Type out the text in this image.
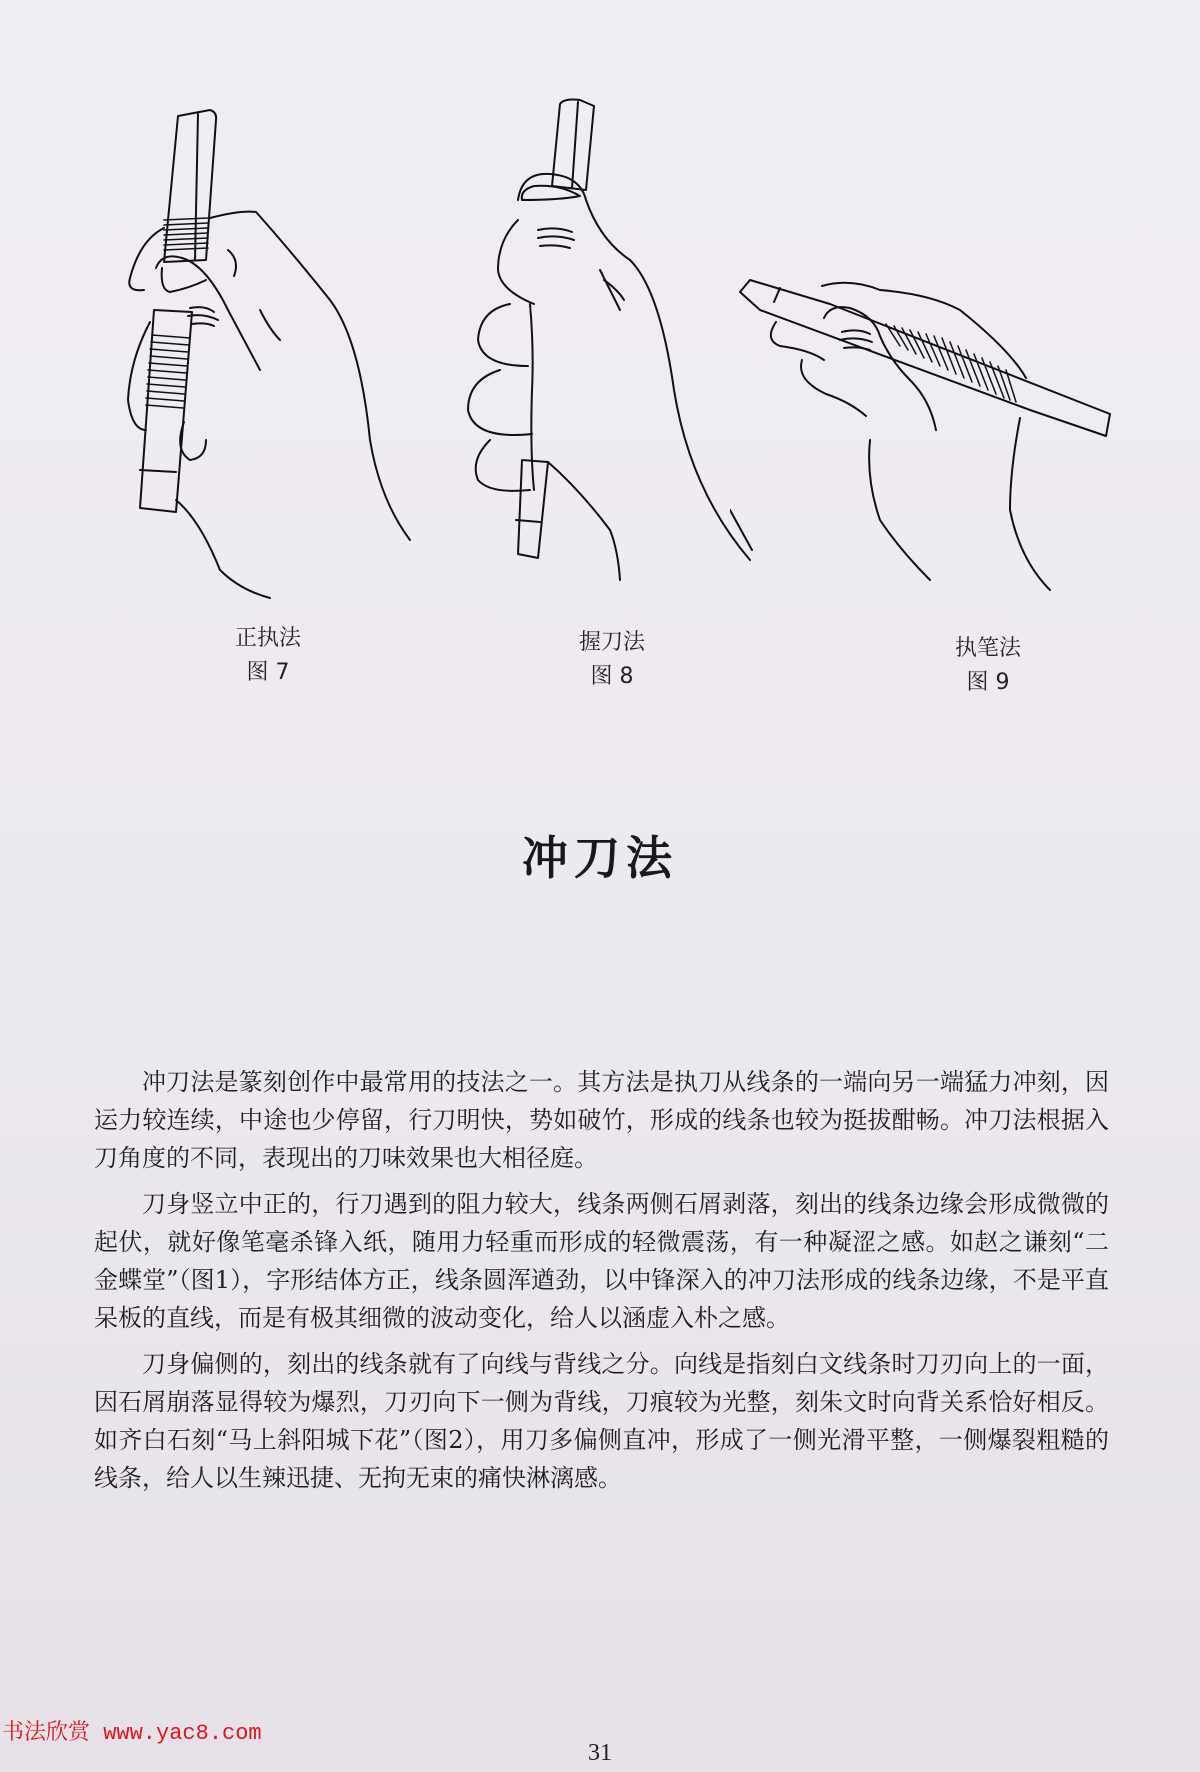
正执法
图 7
握刀法
图 8
执笔法
图 9
冲刀法

冲刀法是篆刻创作中最常用的技法之一。其方法是执刀从线条的一端向另一端猛力冲刻，因运力较连续，中途也少停留，行刀明快，势如破竹，形成的线条也较为挺拔酣畅。冲刀法根据入刀角度的不同，表现出的刀味效果也大相径庭。

刀身竖立中正的，行刀遇到的阻力较大，线条两侧石屑剥落，刻出的线条边缘会形成微微的起伏，就好像笔毫杀锋入纸，随用力轻重而形成的轻微震荡，有一种凝涩之感。如赵之谦刻“二金蝶堂”（图1），字形结体方正，线条圆浑遒劲，以中锋深入的冲刀法形成的线条边缘，不是平直呆板的直线，而是有极其细微的波动变化，给人以涵虚入朴之感。

刀身偏侧的，刻出的线条就有了向线与背线之分。向线是指刻白文线条时刀刃向上的一面，因石屑崩落显得较为爆烈，刀刃向下一侧为背线，刀痕较为光整，刻朱文时向背关系恰好相反。如齐白石刻“马上斜阳城下花”（图2），用刀多偏侧直冲，形成了一侧光滑平整，一侧爆裂粗糙的线条，给人以生辣迅捷、无拘无束的痛快淋漓感。

书法欣赏 www.yac8.com
31
